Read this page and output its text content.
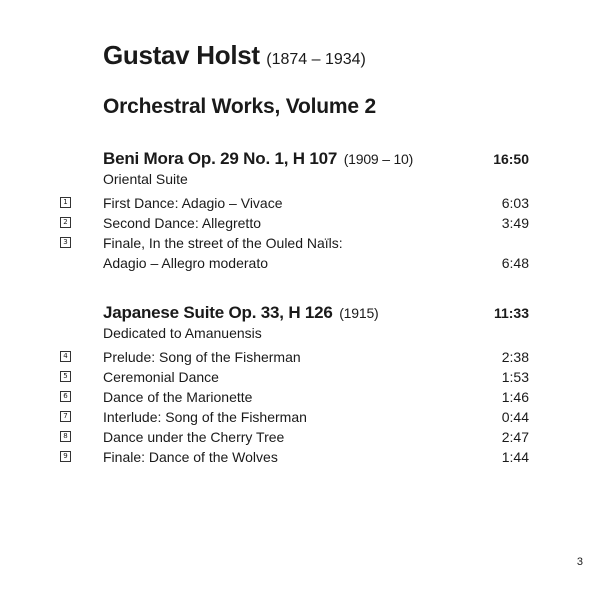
Gustav Holst (1874 – 1934)
Orchestral Works, Volume 2
Beni Mora Op. 29 No. 1, H 107 (1909 – 10)	16:50
Oriental Suite
1	First Dance: Adagio – Vivace	6:03
2	Second Dance: Allegretto	3:49
3	Finale, In the street of the Ouled Naïls:
Adagio – Allegro moderato	6:48
Japanese Suite Op. 33, H 126 (1915)	11:33
Dedicated to Amanuensis
4	Prelude: Song of the Fisherman	2:38
5	Ceremonial Dance	1:53
6	Dance of the Marionette	1:46
7	Interlude: Song of the Fisherman	0:44
8	Dance under the Cherry Tree	2:47
9	Finale: Dance of the Wolves	1:44
3
